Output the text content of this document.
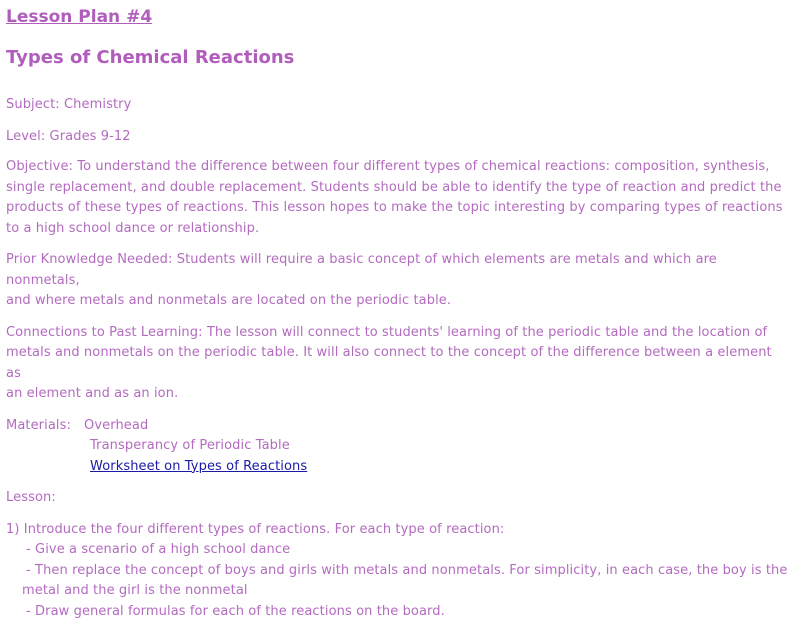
Lesson Plan #4
Types of Chemical Reactions

Subject: Chemistry

Level: Grades 9-12

Objective: To understand the difference between four different types of chemical reactions: composition, synthesis,
single replacement, and double replacement. Students should be able to identify the type of reaction and predict the
products of these types of reactions. This lesson hopes to make the topic interesting by comparing types of reactions
to a high school dance or relationship.
Prior Knowledge Needed: Students will require a basic concept of which elements are metals and which are nonmetals,
and where metals and nonmetals are located on the periodic table.
Connections to Past Learning: The lesson will connect to students' learning of the periodic table and the location of
metals and nonmetals on the periodic table. It will also connect to the concept of the difference between a element as
an element and as an ion.
Materials:	Overhead
Transperancy of Periodic Table
Worksheet on Types of Reactions

Lesson:

1) Introduce the four different types of reactions. For each type of reaction:
- Give a scenario of a high school dance
- Then replace the concept of boys and girls with metals and nonmetals. For simplicity, in each case, the boy is the
metal and the girl is the nonmetal
- Draw general formulas for each of the reactions on the board.
